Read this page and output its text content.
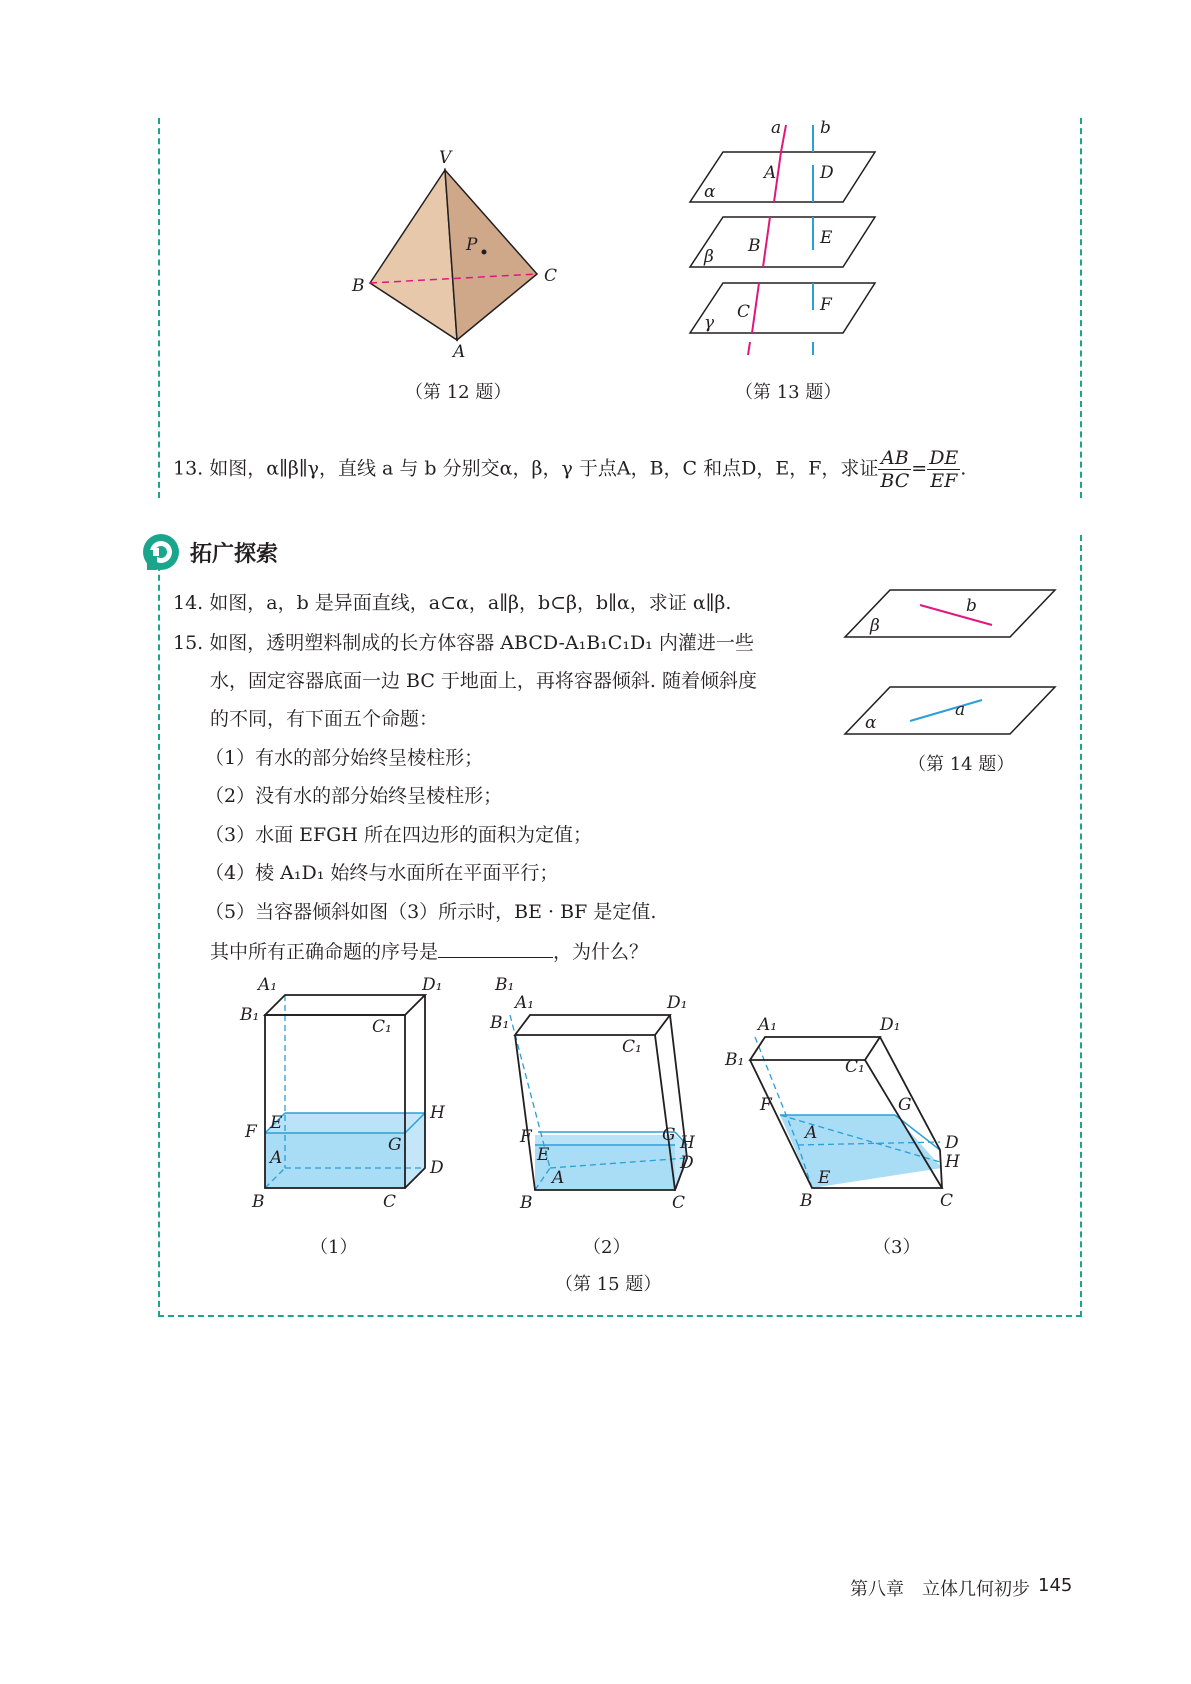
V
B	C
A
P
（第 12 题）
a b
A	D
α
B	E
β
C	F
γ
（第 13 题）
13. 如图，α∥β∥γ，直线 a 与 b 分别交α，β，γ 于点A，B，C 和点D，E，F，求证 $\frac{AB}{BC} = \frac{DE}{EF}$ .
拓广探索
14. 如图，a，b 是异面直线，a⊂α，a∥β，b⊂β，b∥α，求证 α∥β.
β
b
α
a
（第 14 题）
15. 如图，透明塑料制成的长方体容器 ABCD-A₁B₁C₁D₁ 内灌进一些
水，固定容器底面一边 BC 于地面上，再将容器倾斜. 随着倾斜度
的不同，有下面五个命题：
（1）有水的部分始终呈棱柱形；
（2）没有水的部分始终呈棱柱形；
（3）水面 EFGH 所在四边形的面积为定值；
（4）棱 A₁D₁ 始终与水面所在平面平行；
（5）当容器倾斜如图（3）所示时，BE · BF 是定值.
其中所有正确命题的序号是	，为什么？
A₁
B₁
C₁
D₁
E
F
G
H
A	D
B	C
（1）
A₁
B₁
C₁
D₁
E
F	G H
A
D
B	C
（2）
B₁	A₁
B₁	C₁
D₁
E
F	G
H
A	D
B	C
（3）
（第 15 题）
第八章　立体几何初步 145
